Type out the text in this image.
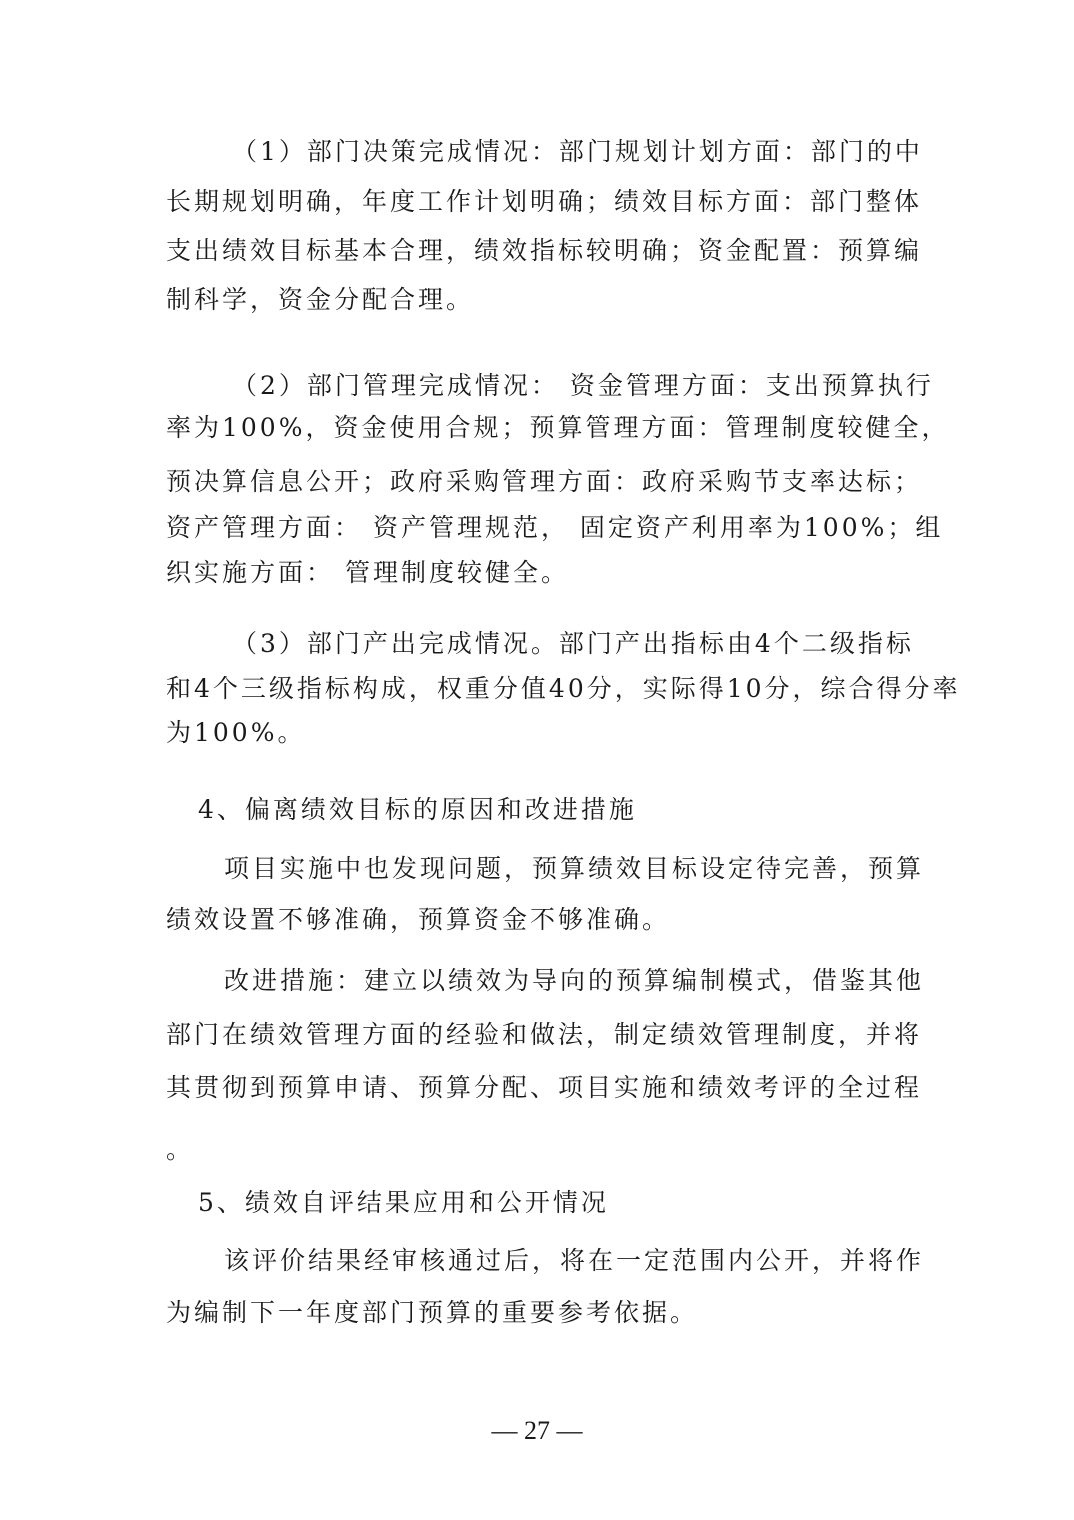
（1）部门决策完成情况：部门规划计划方面：部门的中
长期规划明确，年度工作计划明确；绩效目标方面：部门整体
支出绩效目标基本合理，绩效指标较明确；资金配置：预算编
制科学，资金分配合理。
（2）部门管理完成情况： 资金管理方面：支出预算执行
率为100%，资金使用合规；预算管理方面：管理制度较健全，
预决算信息公开；政府采购管理方面：政府采购节支率达标；
资产管理方面： 资产管理规范， 固定资产利用率为100%；组
织实施方面： 管理制度较健全。
（3）部门产出完成情况。部门产出指标由4个二级指标
和4个三级指标构成，权重分值40分，实际得10分，综合得分率
为100%。
4、偏离绩效目标的原因和改进措施
项目实施中也发现问题，预算绩效目标设定待完善，预算
绩效设置不够准确，预算资金不够准确。
改进措施：建立以绩效为导向的预算编制模式，借鉴其他
部门在绩效管理方面的经验和做法，制定绩效管理制度，并将
其贯彻到预算申请、预算分配、项目实施和绩效考评的全过程
。
5、绩效自评结果应用和公开情况
该评价结果经审核通过后，将在一定范围内公开，并将作
为编制下一年度部门预算的重要参考依据。
— 27 —
